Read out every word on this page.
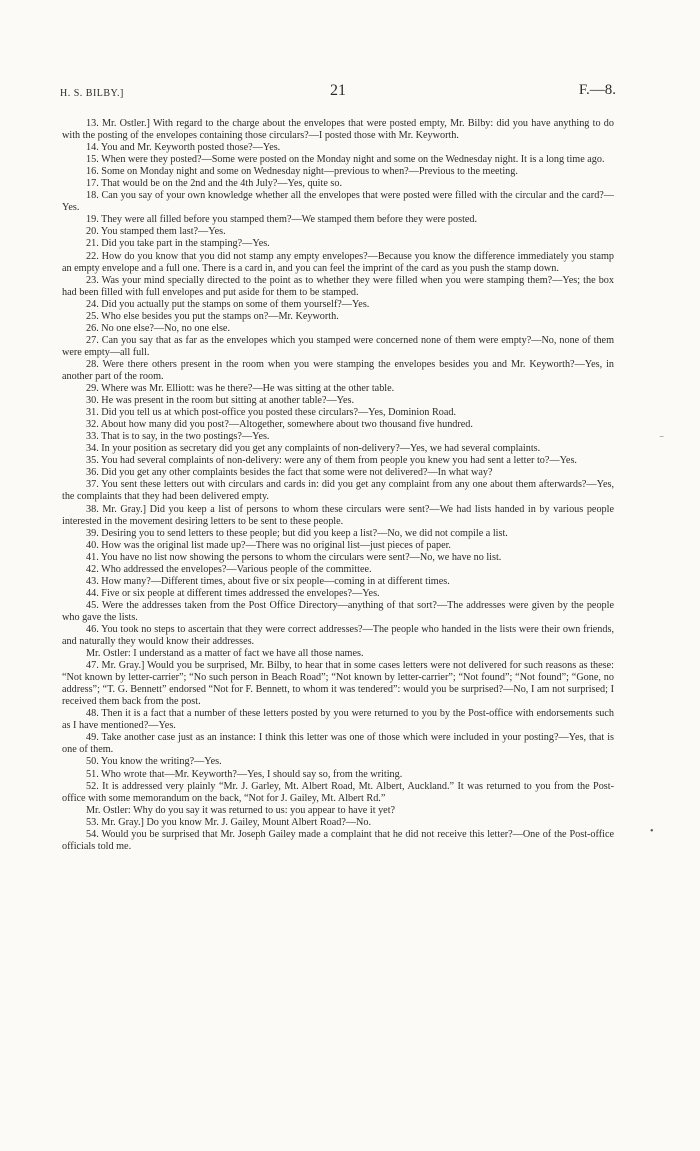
H. S. BILBY.]	21	F.—8.

13. Mr. Ostler.] With regard to the charge about the envelopes that were posted empty, Mr. Bilby: did you have anything to do with the posting of the envelopes containing those circulars?—I posted those with Mr. Keyworth.

14. You and Mr. Keyworth posted those?—Yes.

15. When were they posted?—Some were posted on the Monday night and some on the Wednesday night. It is a long time ago.

16. Some on Monday night and some on Wednesday night—previous to when?—Previous to the meeting.

17. That would be on the 2nd and the 4th July?—Yes, quite so.

18. Can you say of your own knowledge whether all the envelopes that were posted were filled with the circular and the card?—Yes.

19. They were all filled before you stamped them?—We stamped them before they were posted.

20. You stamped them last?—Yes.

21. Did you take part in the stamping?—Yes.

22. How do you know that you did not stamp any empty envelopes?—Because you know the difference immediately you stamp an empty envelope and a full one. There is a card in, and you can feel the imprint of the card as you push the stamp down.

23. Was your mind specially directed to the point as to whether they were filled when you were stamping them?—Yes; the box had been filled with full envelopes and put aside for them to be stamped.

24. Did you actually put the stamps on some of them yourself?—Yes.

25. Who else besides you put the stamps on?—Mr. Keyworth.

26. No one else?—No, no one else.

27. Can you say that as far as the envelopes which you stamped were concerned none of them were empty?—No, none of them were empty—all full.

28. Were there others present in the room when you were stamping the envelopes besides you and Mr. Keyworth?—Yes, in another part of the room.

29. Where was Mr. Elliott: was he there?—He was sitting at the other table.

30. He was present in the room but sitting at another table?—Yes.

31. Did you tell us at which post-office you posted these circulars?—Yes, Dominion Road.

32. About how many did you post?—Altogether, somewhere about two thousand five hundred.

33. That is to say, in the two postings?—Yes.

34. In your position as secretary did you get any complaints of non-delivery?—Yes, we had several complaints.

35. You had several complaints of non-delivery: were any of them from people you knew you had sent a letter to?—Yes.

36. Did you get any other complaints besides the fact that some were not delivered?—In what way?

37. You sent these letters out with circulars and cards in: did you get any complaint from any one about them afterwards?—Yes, the complaints that they had been delivered empty.

38. Mr. Gray.] Did you keep a list of persons to whom these circulars were sent?—We had lists handed in by various people interested in the movement desiring letters to be sent to these people.

39. Desiring you to send letters to these people; but did you keep a list?—No, we did not compile a list.

40. How was the original list made up?—There was no original list—just pieces of paper.

41. You have no list now showing the persons to whom the circulars were sent?—No, we have no list.

42. Who addressed the envelopes?—Various people of the committee.

43. How many?—Different times, about five or six people—coming in at different times.

44. Five or six people at different times addressed the envelopes?—Yes.

45. Were the addresses taken from the Post Office Directory—anything of that sort?—The addresses were given by the people who gave the lists.

46. You took no steps to ascertain that they were correct addresses?—The people who handed in the lists were their own friends, and naturally they would know their addresses.

Mr. Ostler: I understand as a matter of fact we have all those names.

47. Mr. Gray.] Would you be surprised, Mr. Bilby, to hear that in some cases letters were not delivered for such reasons as these: “Not known by letter-carrier”; “No such person in Beach Road”; “Not known by letter-carrier”; “Not found”; “Not found”; “Gone, no address”; “T. G. Bennett” endorsed “Not for F. Bennett, to whom it was tendered”: would you be surprised?—No, I am not surprised; I received them back from the post.

48. Then it is a fact that a number of these letters posted by you were returned to you by the Post-office with endorsements such as I have mentioned?—Yes.

49. Take another case just as an instance: I think this letter was one of those which were included in your posting?—Yes, that is one of them.

50. You know the writing?—Yes.

51. Who wrote that—Mr. Keyworth?—Yes, I should say so, from the writing.

52. It is addressed very plainly “Mr. J. Garley, Mt. Albert Road, Mt. Albert, Auckland.” It was returned to you from the Post-office with some memorandum on the back, “Not for J. Gailey, Mt. Albert Rd.”

Mr. Ostler: Why do you say it was returned to us: you appear to have it yet?

53. Mr. Gray.] Do you know Mr. J. Gailey, Mount Albert Road?—No.

54. Would you be surprised that Mr. Joseph Gailey made a complaint that he did not receive this letter?—One of the Post-office officials told me.

‾
•
